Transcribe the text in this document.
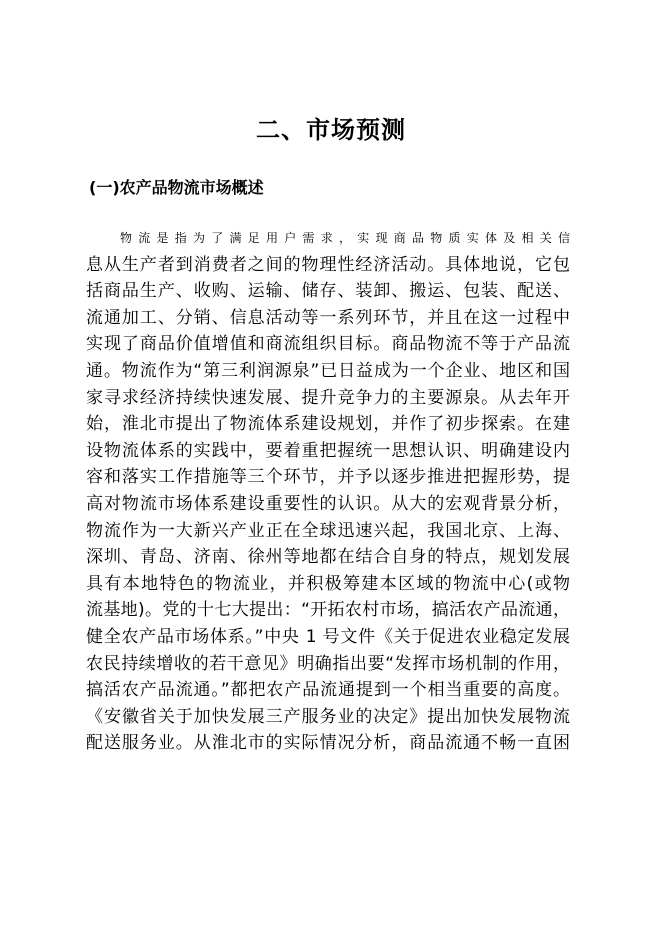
二、市场预测
(一)农产品物流市场概述
物流是指为了满足用户需求，实现商品物质实体及相关信
息从生产者到消费者之间的物理性经济活动。具体地说，它包
括商品生产、收购、运输、储存、装卸、搬运、包装、配送、
流通加工、分销、信息活动等一系列环节，并且在这一过程中
实现了商品价值增值和商流组织目标。商品物流不等于产品流
通。物流作为“第三利润源泉”已日益成为一个企业、地区和国
家寻求经济持续快速发展、提升竞争力的主要源泉。从去年开
始，淮北市提出了物流体系建设规划，并作了初步探索。在建
设物流体系的实践中，要着重把握统一思想认识、明确建设内
容和落实工作措施等三个环节，并予以逐步推进把握形势，提
高对物流市场体系建设重要性的认识。从大的宏观背景分析，
物流作为一大新兴产业正在全球迅速兴起，我国北京、上海、
深圳、青岛、济南、徐州等地都在结合自身的特点，规划发展
具有本地特色的物流业，并积极筹建本区域的物流中心(或物
流基地)。党的十七大提出：“开拓农村市场，搞活农产品流通，
健全农产品市场体系。”中央 1 号文件《关于促进农业稳定发展
农民持续增收的若干意见》明确指出要“发挥市场机制的作用，
搞活农产品流通。”都把农产品流通提到一个相当重要的高度。
《安徽省关于加快发展三产服务业的决定》提出加快发展物流
配送服务业。从淮北市的实际情况分析，商品流通不畅一直困
